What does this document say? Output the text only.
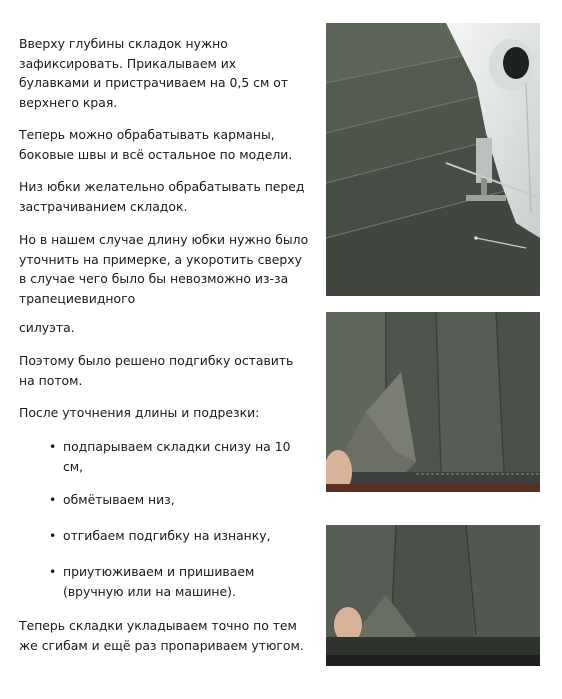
Вверху глубины складок нужно зафиксировать. Прикалываем их булавками и пристрачиваем на 0,5 см от верхнего края.

Теперь можно обрабатывать карманы, боковые швы и всё остальное по модели.

Низ юбки желательно обрабатывать перед застрачиванием складок.

Но в нашем случае длину юбки нужно было уточнить на примерке, а укоротить сверху в случае чего было бы невозможно из-за трапециевидного

силуэта.

Поэтому было решено подгибку оставить на потом.

После уточнения длины и подрезки:

• подпарываем складки снизу на 10 см,
• обмётываем низ,
• отгибаем подгибку на изнанку,
• приутюживаем и пришиваем (вручную или на машине).

Теперь складки укладываем точно по тем же сгибам и ещё раз пропариваем утюгом.
